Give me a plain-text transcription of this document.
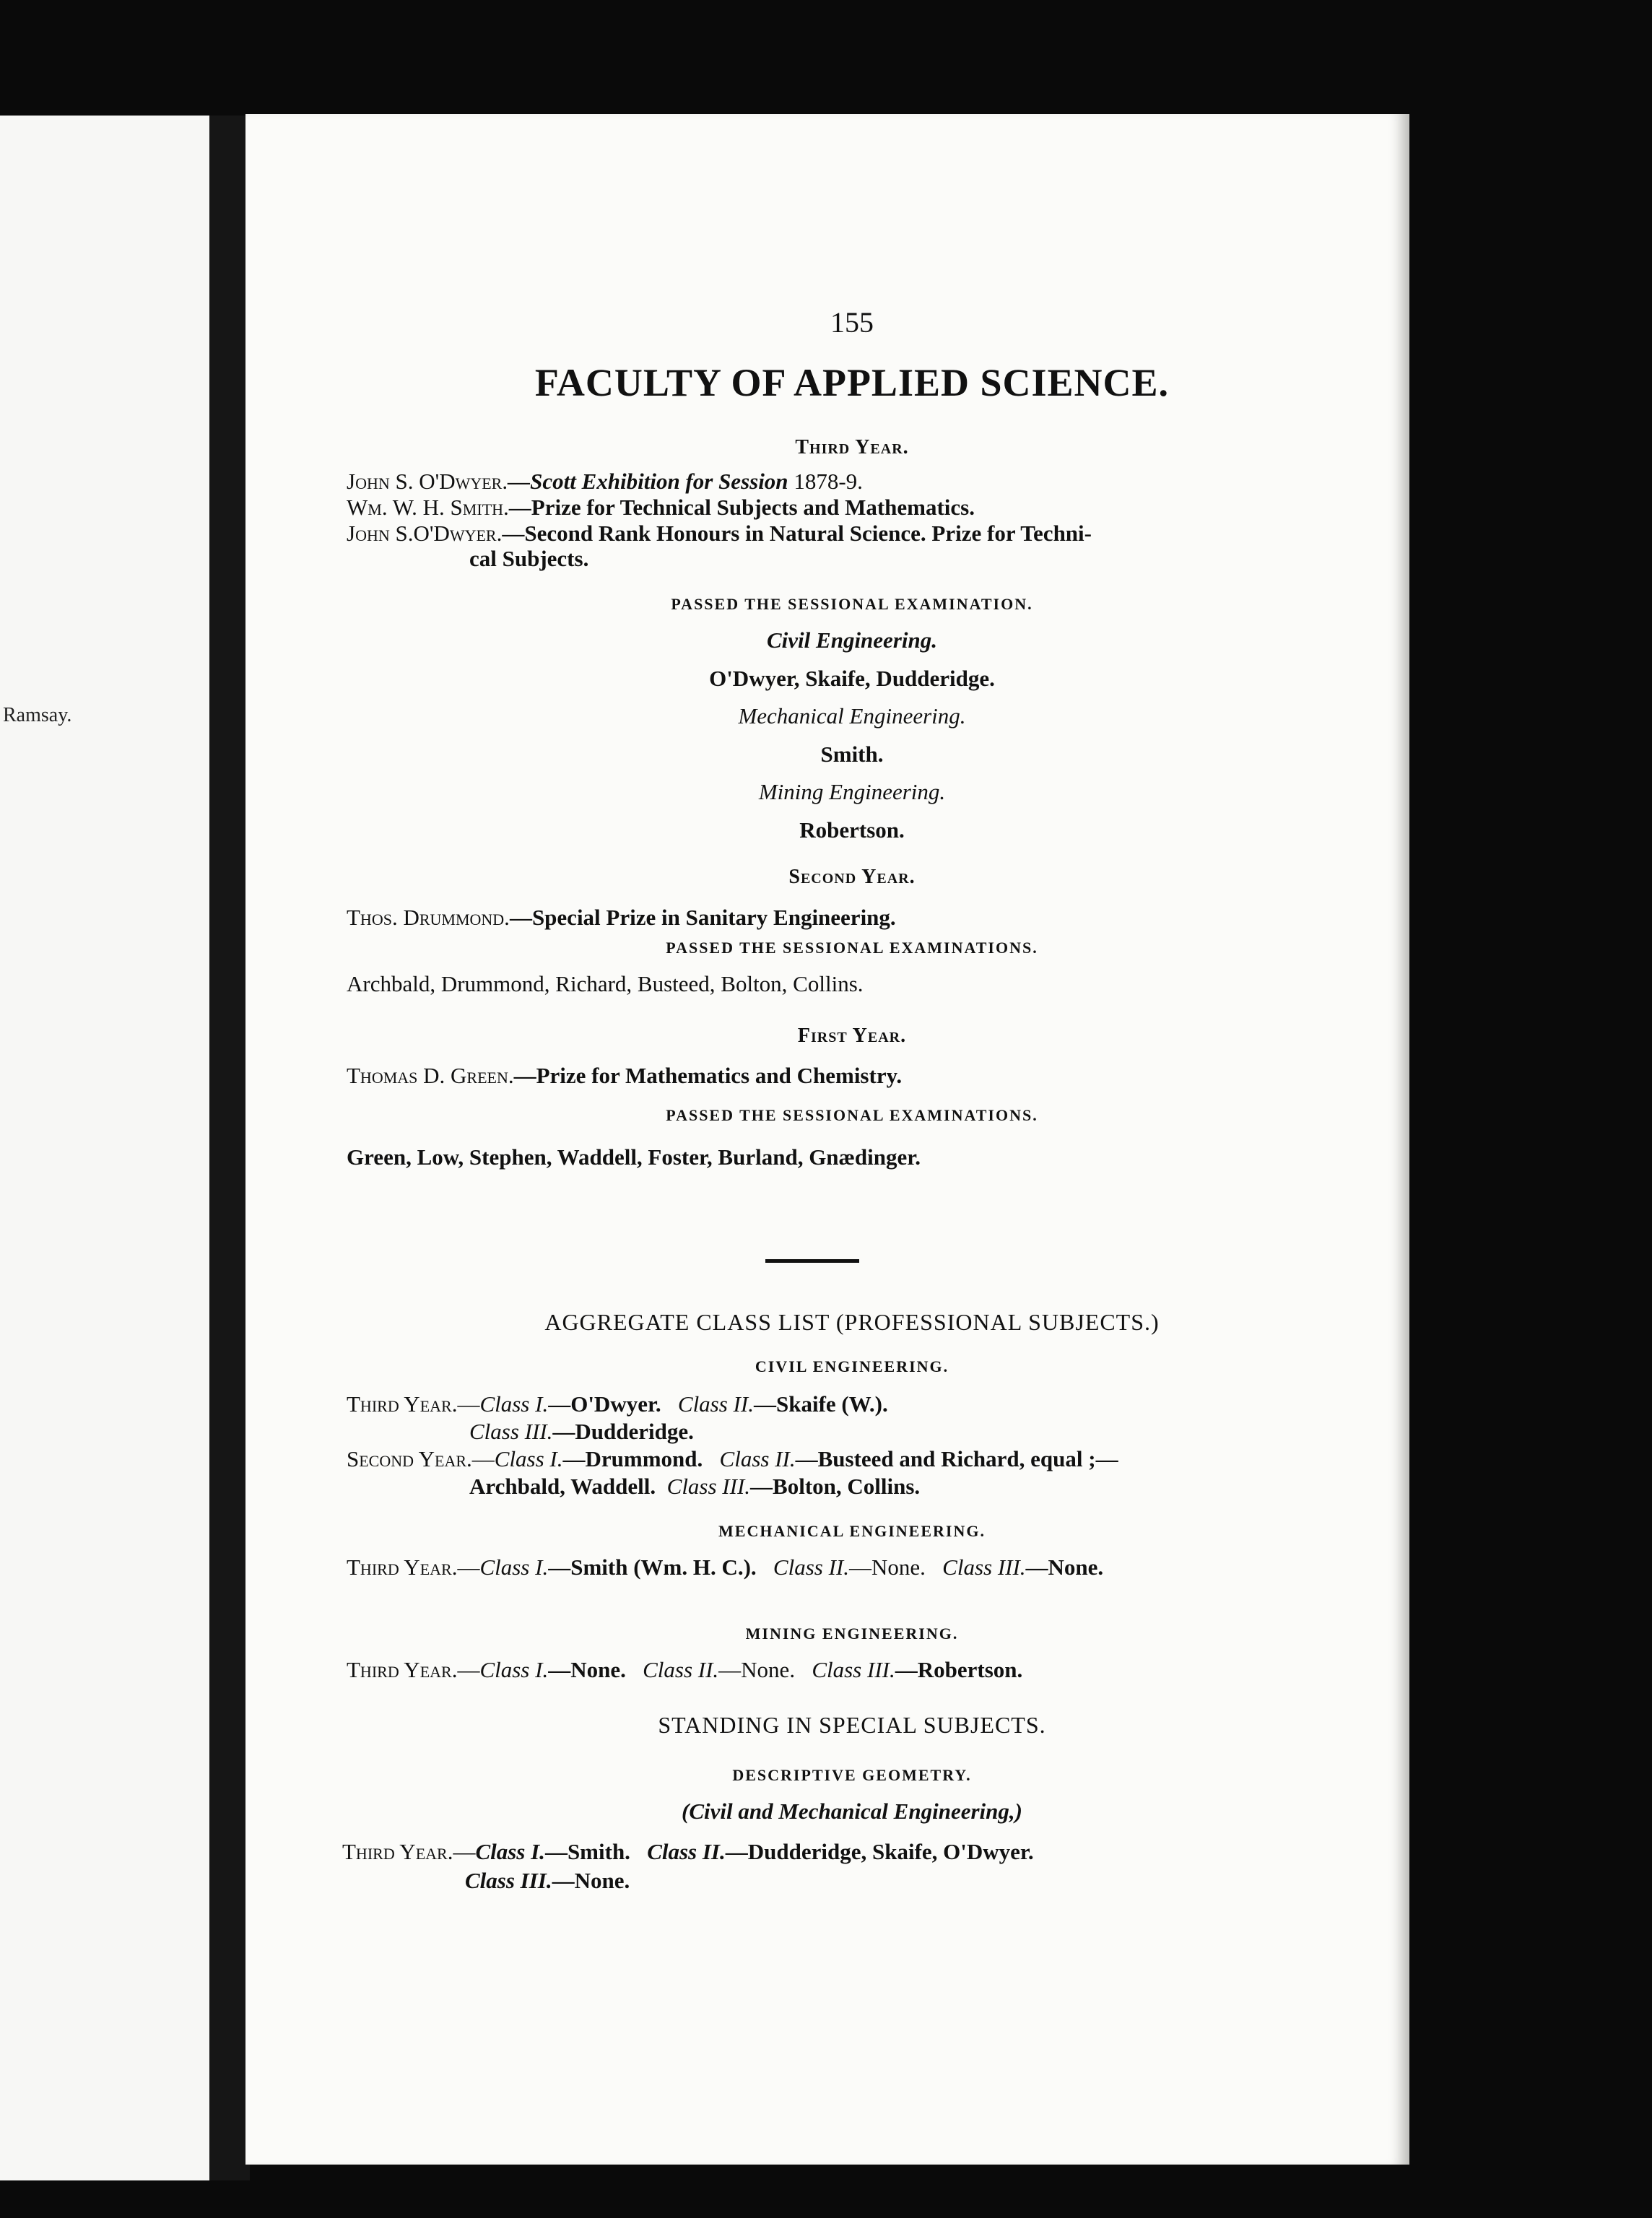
Ramsay.
155
FACULTY OF APPLIED SCIENCE.
Third Year.
John S. O'Dwyer.—Scott Exhibition for Session 1878-9.
Wm. W. H. Smith.—Prize for Technical Subjects and Mathematics.
John S.O'Dwyer.—Second Rank Honours in Natural Science. Prize for Techni-
cal Subjects.
PASSED THE SESSIONAL EXAMINATION.
Civil Engineering.
O'Dwyer, Skaife, Dudderidge.
Mechanical Engineering.
Smith.
Mining Engineering.
Robertson.
Second Year.
Thos. Drummond.—Special Prize in Sanitary Engineering.
PASSED THE SESSIONAL EXAMINATIONS.
Archbald, Drummond, Richard, Busteed, Bolton, Collins.
First Year.
Thomas D. Green.—Prize for Mathematics and Chemistry.
PASSED THE SESSIONAL EXAMINATIONS.
Green, Low, Stephen, Waddell, Foster, Burland, Gnædinger.
AGGREGATE CLASS LIST (PROFESSIONAL SUBJECTS.)
CIVIL ENGINEERING.
Third Year.—Class I.—O'Dwyer. Class II.—Skaife (W.).
Class III.—Dudderidge.
Second Year.—Class I.—Drummond. Class II.—Busteed and Richard, equal ;—
Archbald, Waddell. Class III.—Bolton, Collins.
MECHANICAL ENGINEERING.
Third Year.—Class I.—Smith (Wm. H. C.). Class II.—None. Class III.—None.
MINING ENGINEERING.
Third Year.—Class I.—None. Class II.—None. Class III.—Robertson.
STANDING IN SPECIAL SUBJECTS.
DESCRIPTIVE GEOMETRY.
(Civil and Mechanical Engineering,)
Third Year.—Class I.—Smith. Class II.—Dudderidge, Skaife, O'Dwyer.
Class III.—None.
